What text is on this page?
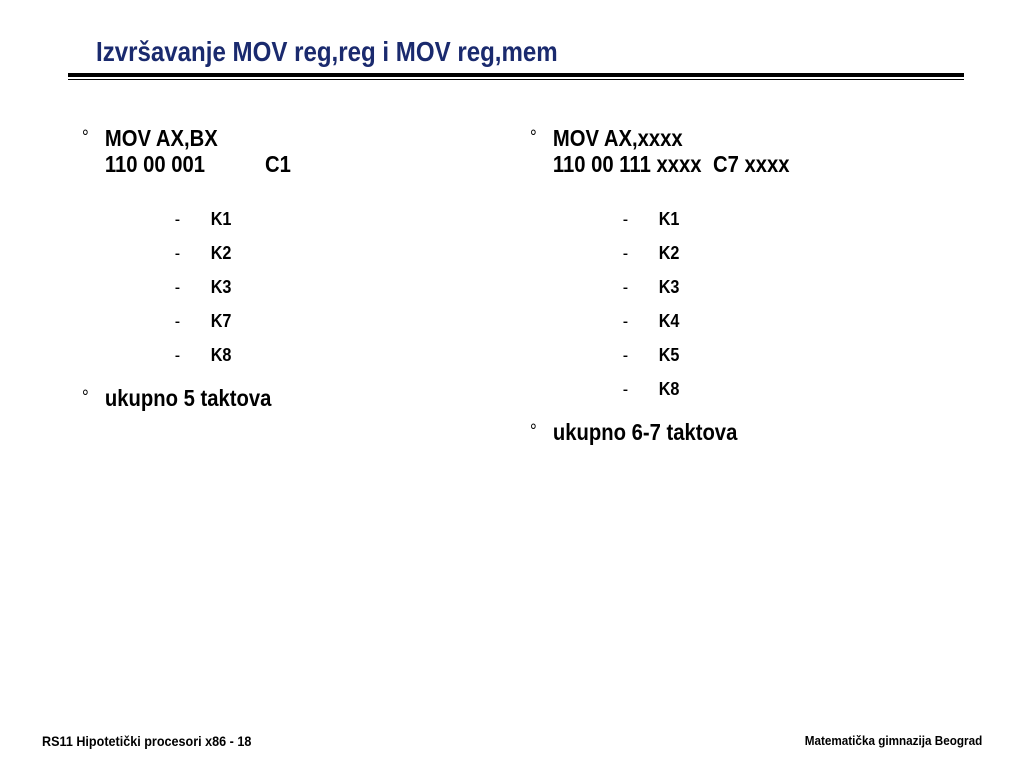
Izvršavanje MOV reg,reg i MOV reg,mem
° MOV AX,BX
110 00 001	C1
- K1
- K2
- K3
- K7
- K8
° ukupno 5 taktova
° MOV AX,xxxx
110 00 111 xxxx C7 xxxx
- K1
- K2
- K3
- K4
- K5
- K8
° ukupno 6-7 taktova
RS11 Hipotetički procesori x86 - 18	Matematička gimnazija Beograd
